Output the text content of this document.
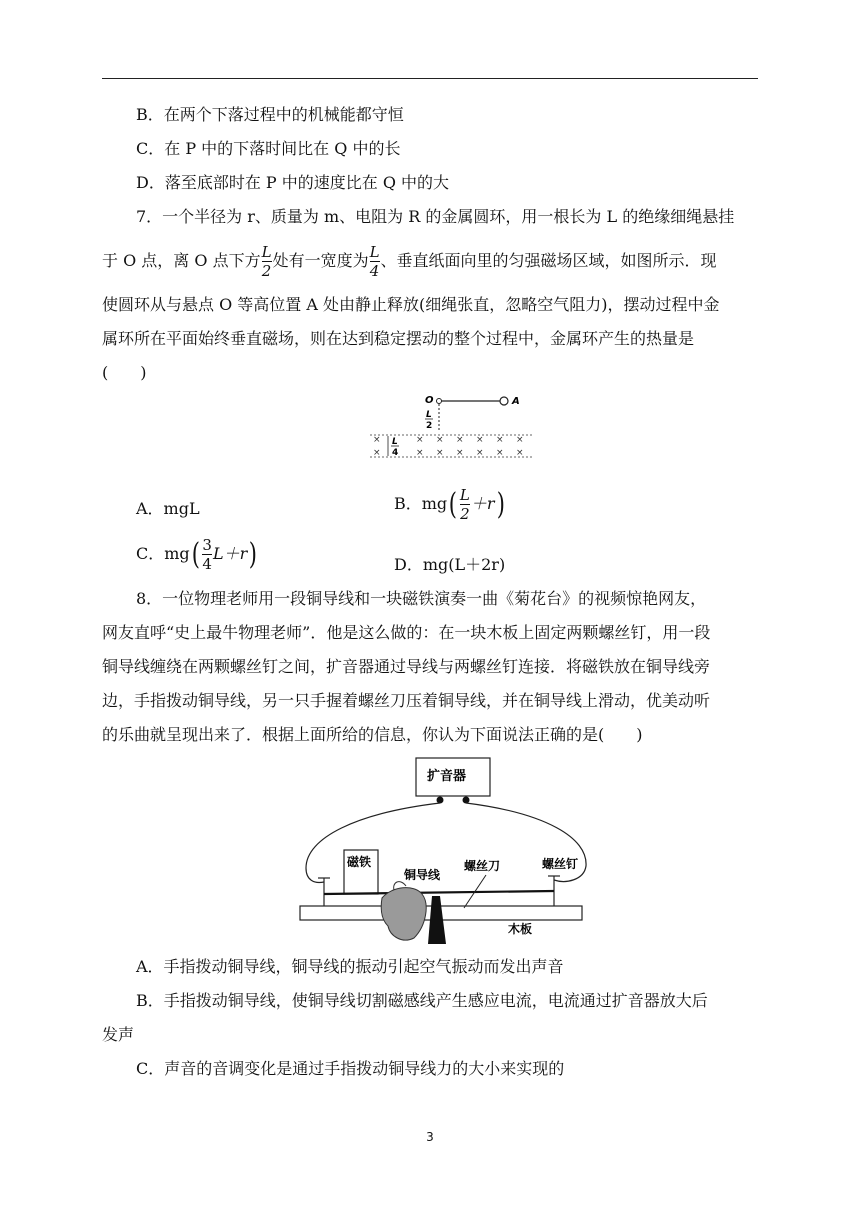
B．在两个下落过程中的机械能都守恒
C．在 P 中的下落时间比在 Q 中的长
D．落至底部时在 P 中的速度比在 Q 中的大
7．一个半径为 r、质量为 m、电阻为 R 的金属圆环，用一根长为 L 的绝缘细绳悬挂
于 O 点，离 O 点下方 $\frac{L}{2}$ 处有一宽度为 $\frac{L}{4}$ 、垂直纸面向里的匀强磁场区域，如图所示．现
使圆环从与悬点 O 等高位置 A 处由静止释放(细绳张直，忽略空气阻力)，摆动过程中金
属环所在平面始终垂直磁场，则在达到稳定摆动的整个过程中，金属环产生的热量是
(　　)
O	A
L
2
L
4
×
×
×
×
×
×
×
×
×
×
×
×
×
×
A．mgL	B．$mg( \frac{L}{2} +r)$
C．$mg( \frac{3}{4} L+r)$	D．mg(L＋2r)
8．一位物理老师用一段铜导线和一块磁铁演奏一曲《菊花台》的视频惊艳网友，
网友直呼“史上最牛物理老师”．他是这么做的：在一块木板上固定两颗螺丝钉，用一段
铜导线缠绕在两颗螺丝钉之间，扩音器通过导线与两螺丝钉连接．将磁铁放在铜导线旁
边，手指拨动铜导线，另一只手握着螺丝刀压着铜导线，并在铜导线上滑动，优美动听
的乐曲就呈现出来了．根据上面所给的信息，你认为下面说法正确的是(　　)
扩音器
磁铁
木板
铜导线
螺丝刀	螺丝钉
A．手指拨动铜导线，铜导线的振动引起空气振动而发出声音
B．手指拨动铜导线，使铜导线切割磁感线产生感应电流，电流通过扩音器放大后
发声
C．声音的音调变化是通过手指拨动铜导线力的大小来实现的
3
